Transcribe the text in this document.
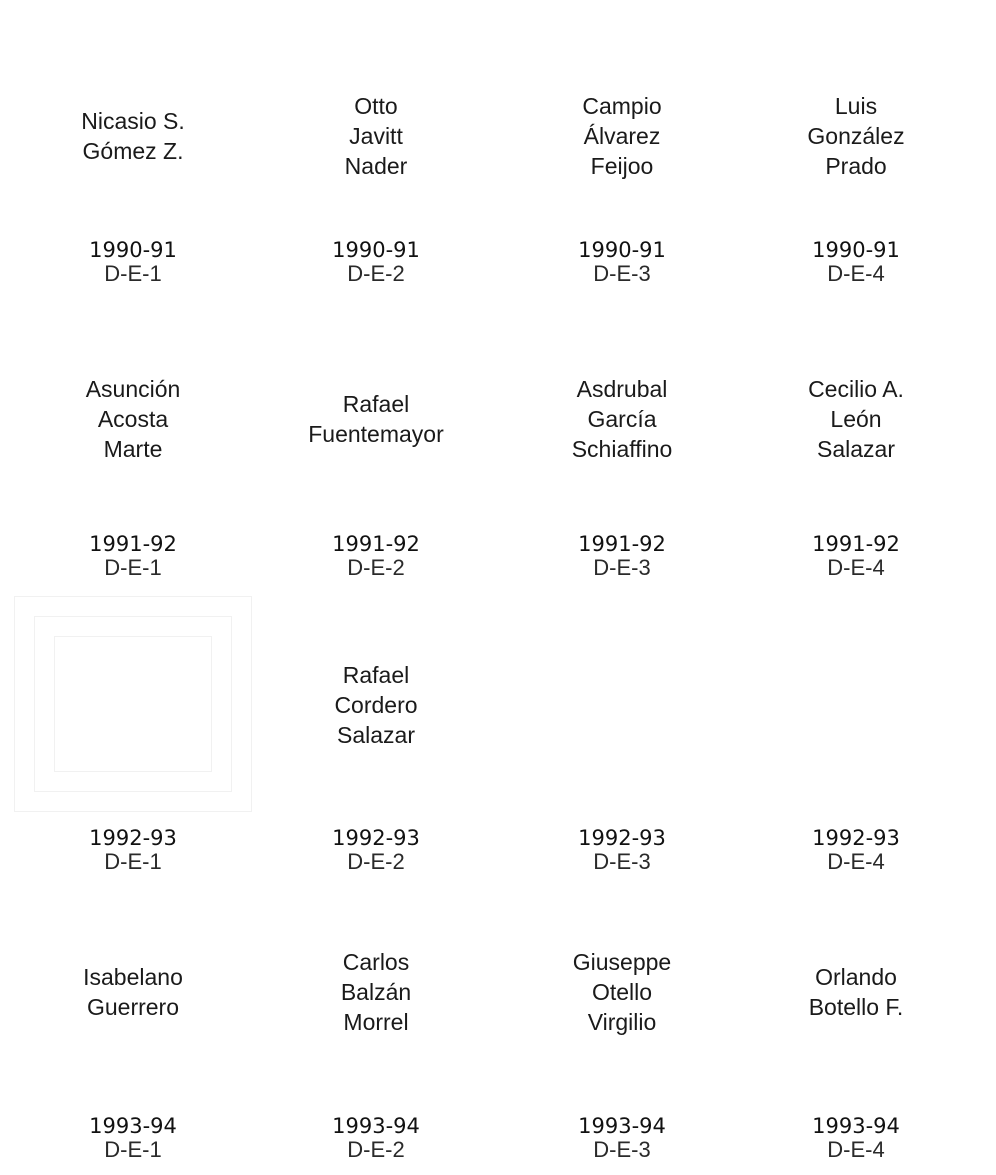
Nicasio S.
Gómez Z.
1990-91
D-E-1
Otto
Javitt
Nader
1990-91
D-E-2
Campio
Álvarez
Feijoo
1990-91
D-E-3
Luis
González
Prado
1990-91
D-E-4
Asunción
Acosta
Marte
1991-92
D-E-1
Rafael
Fuentemayor
1991-92
D-E-2
Asdrubal
García
Schiaffino
1991-92
D-E-3
Cecilio A.
León
Salazar
1991-92
D-E-4
1992-93
D-E-1
Rafael
Cordero
Salazar
1992-93
D-E-2
1992-93
D-E-3
1992-93
D-E-4
Isabelano
Guerrero
1993-94
D-E-1
Carlos
Balzán
Morrel
1993-94
D-E-2
Giuseppe
Otello
Virgilio
1993-94
D-E-3
Orlando
Botello F.
1993-94
D-E-4
